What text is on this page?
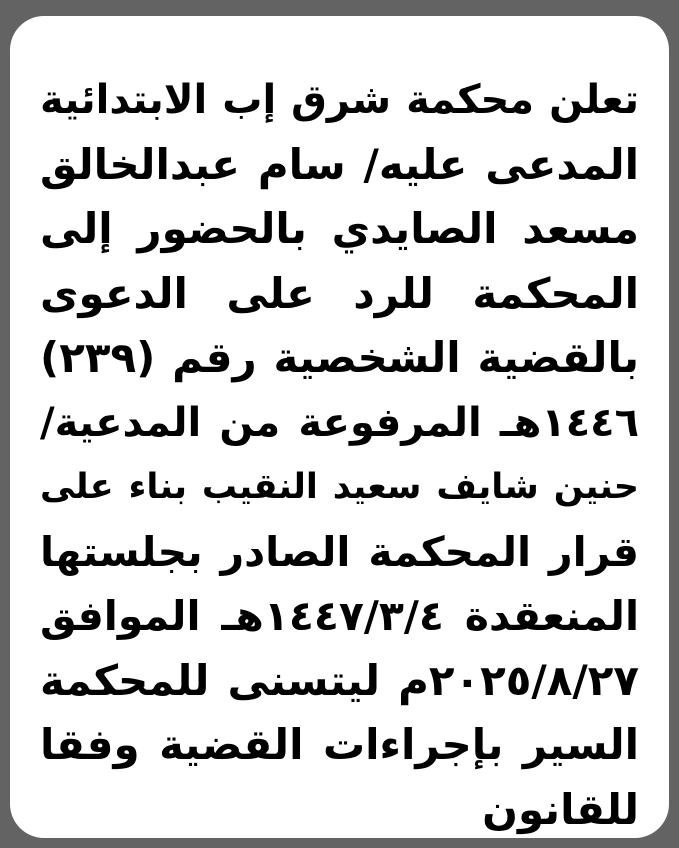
تعلن محكمة شرق إب الابتدائية
المدعى عليه/ سام عبدالخالق
مسعد الصايدي بالحضور إلى
المحكمة للرد على الدعوى
بالقضية الشخصية رقم (٢٣٩)
١٤٤٦هـ المرفوعة من المدعية/
حنين شايف سعيد النقيب بناء على
قرار المحكمة الصادر بجلستها
المنعقدة ١٤٤٧/٣/٤هـ الموافق
٢٠٢٥/٨/٢٧م ليتسنى للمحكمة
السير بإجراءات القضية وفقا
للقانون
